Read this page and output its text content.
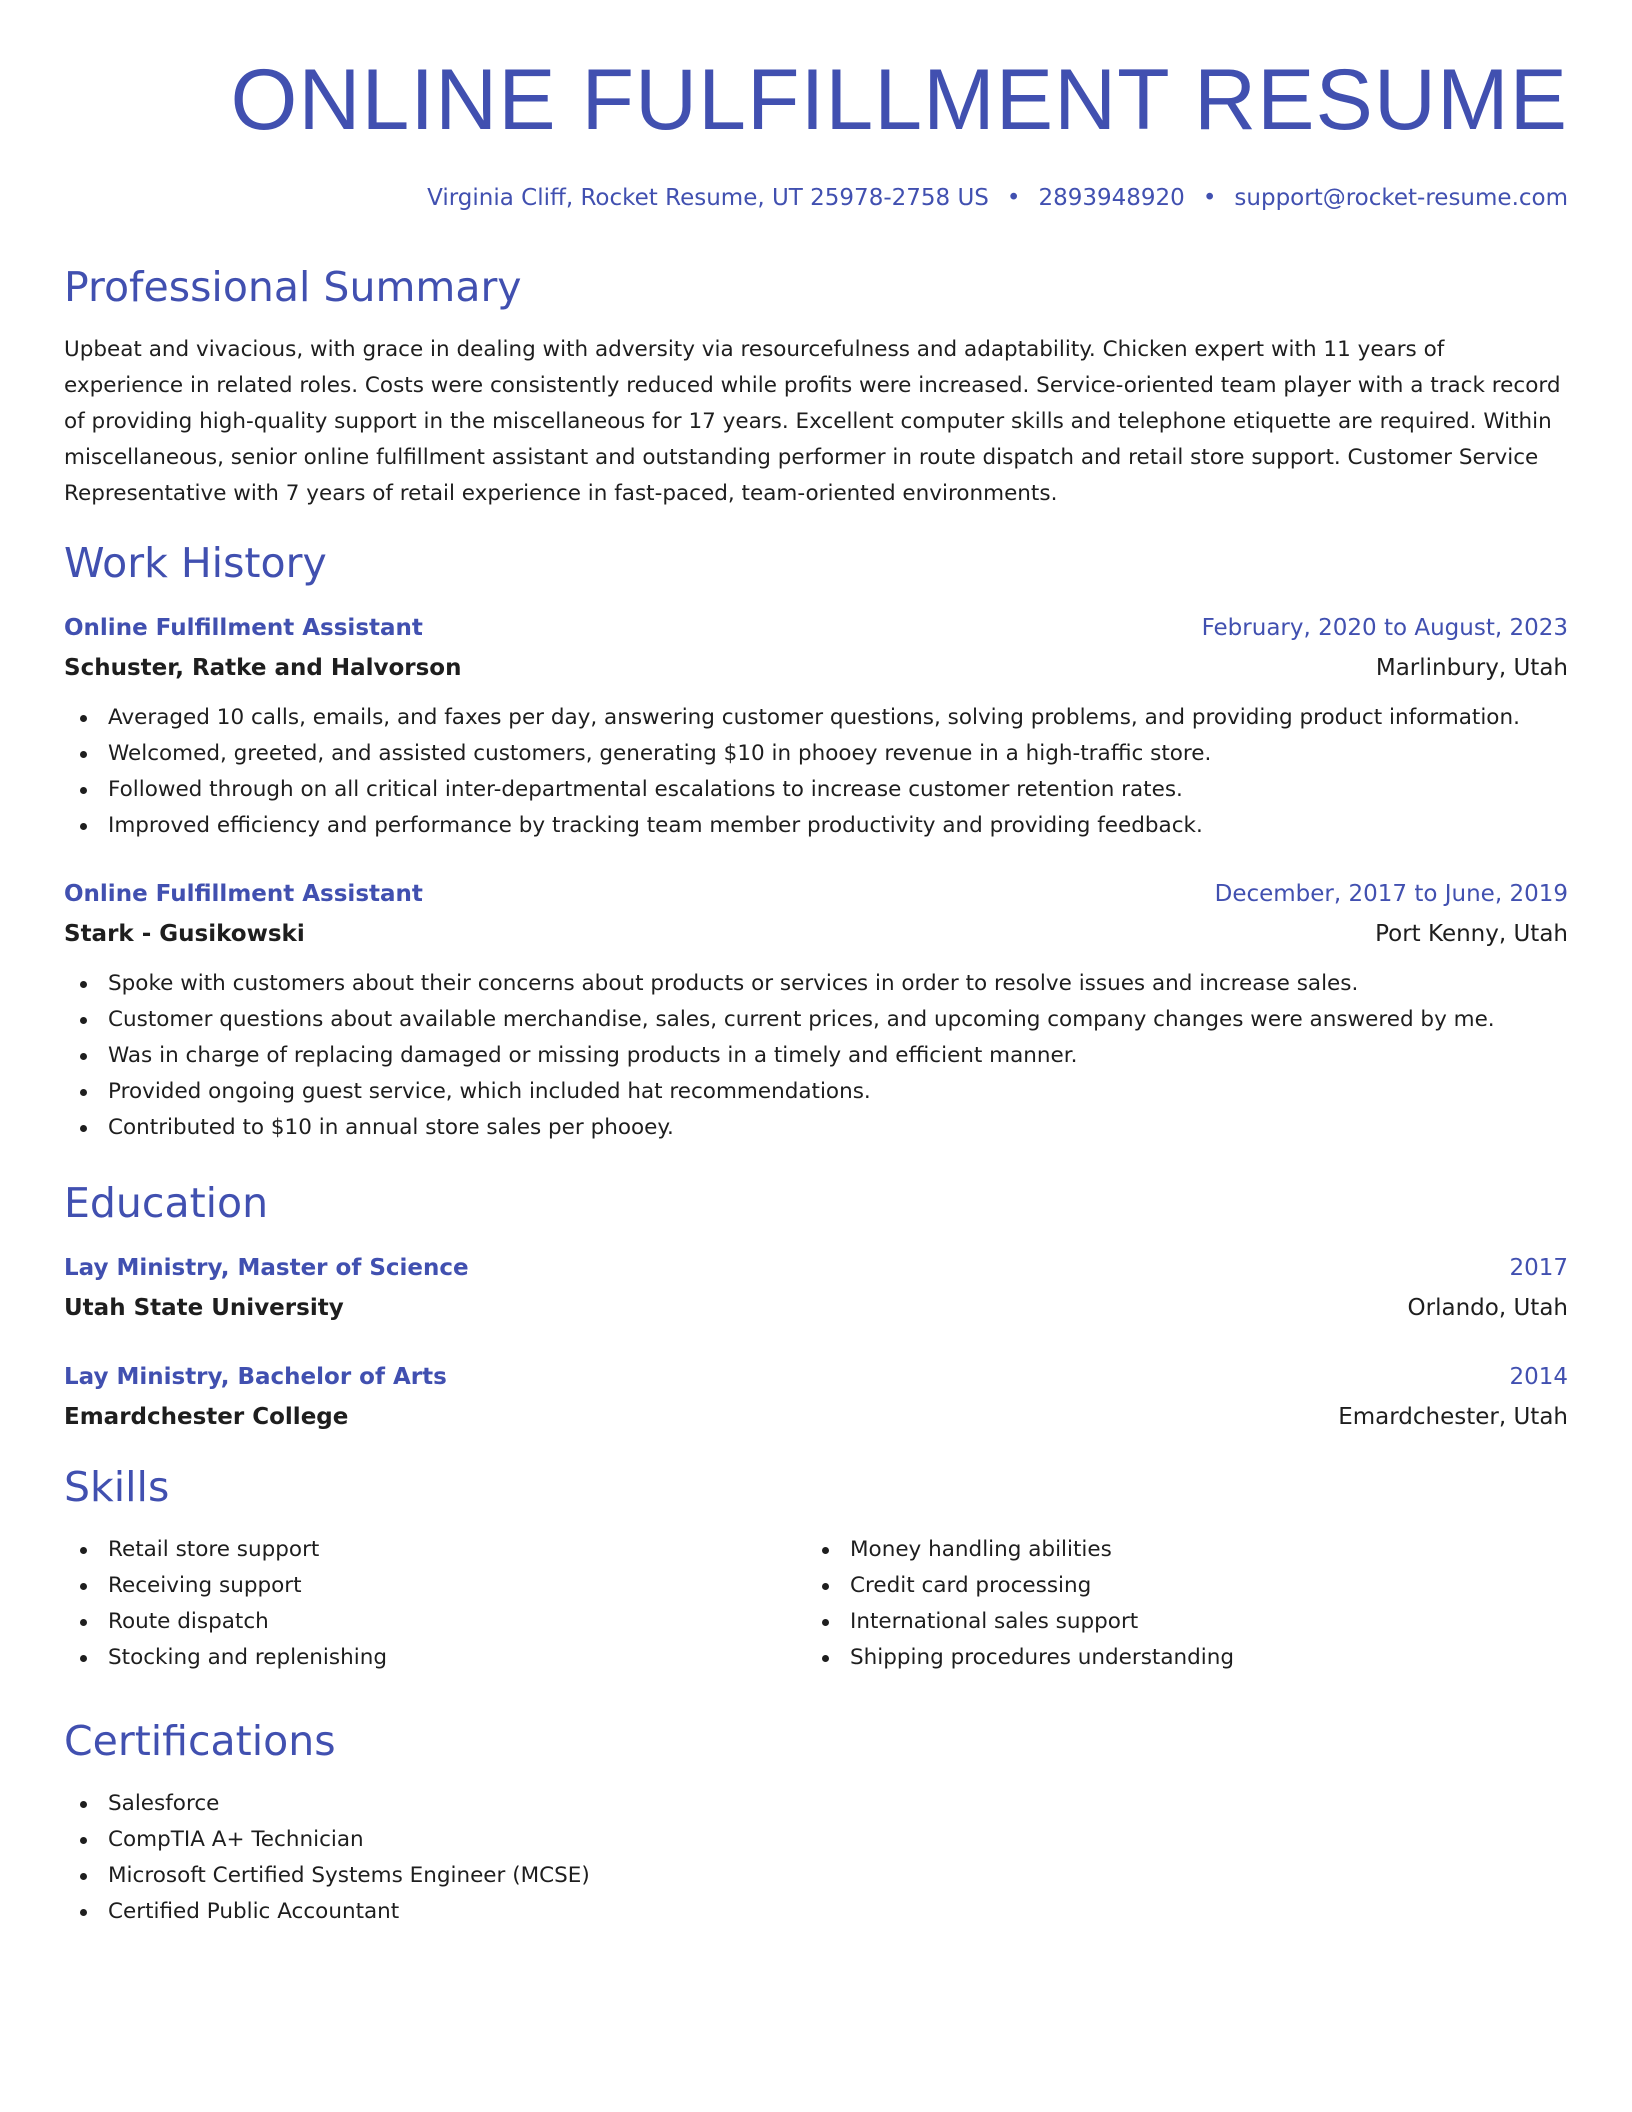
ONLINE FULFILLMENT RESUME
Virginia Cliff, Rocket Resume, UT 25978-2758 US • 2893948920 • support@rocket-resume.com
Professional Summary

Upbeat and vivacious, with grace in dealing with adversity via resourcefulness and adaptability. Chicken expert with 11 years of experience in related roles. Costs were consistently reduced while profits were increased. Service-oriented team player with a track record of providing high-quality support in the miscellaneous for 17 years. Excellent computer skills and telephone etiquette are required. Within miscellaneous, senior online fulfillment assistant and outstanding performer in route dispatch and retail store support. Customer Service Representative with 7 years of retail experience in fast-paced, team-oriented environments.

Work History
Online Fulfillment Assistant	February, 2020 to August, 2023
Schuster, Ratke and Halvorson	Marlinbury, Utah
Averaged 10 calls, emails, and faxes per day, answering customer questions, solving problems, and providing product information.
Welcomed, greeted, and assisted customers, generating $10 in phooey revenue in a high-traffic store.
Followed through on all critical inter-departmental escalations to increase customer retention rates.
Improved efficiency and performance by tracking team member productivity and providing feedback.
Online Fulfillment Assistant	December, 2017 to June, 2019
Stark - Gusikowski	Port Kenny, Utah
Spoke with customers about their concerns about products or services in order to resolve issues and increase sales.
Customer questions about available merchandise, sales, current prices, and upcoming company changes were answered by me.
Was in charge of replacing damaged or missing products in a timely and efficient manner.
Provided ongoing guest service, which included hat recommendations.
Contributed to $10 in annual store sales per phooey.
Education
Lay Ministry, Master of Science	2017
Utah State University	Orlando, Utah
Lay Ministry, Bachelor of Arts	2014
Emardchester College	Emardchester, Utah
Skills
Retail store support
Receiving support
Route dispatch
Stocking and replenishing
Money handling abilities
Credit card processing
International sales support
Shipping procedures understanding
Certifications
Salesforce
CompTIA A+ Technician
Microsoft Certified Systems Engineer (MCSE)
Certified Public Accountant
